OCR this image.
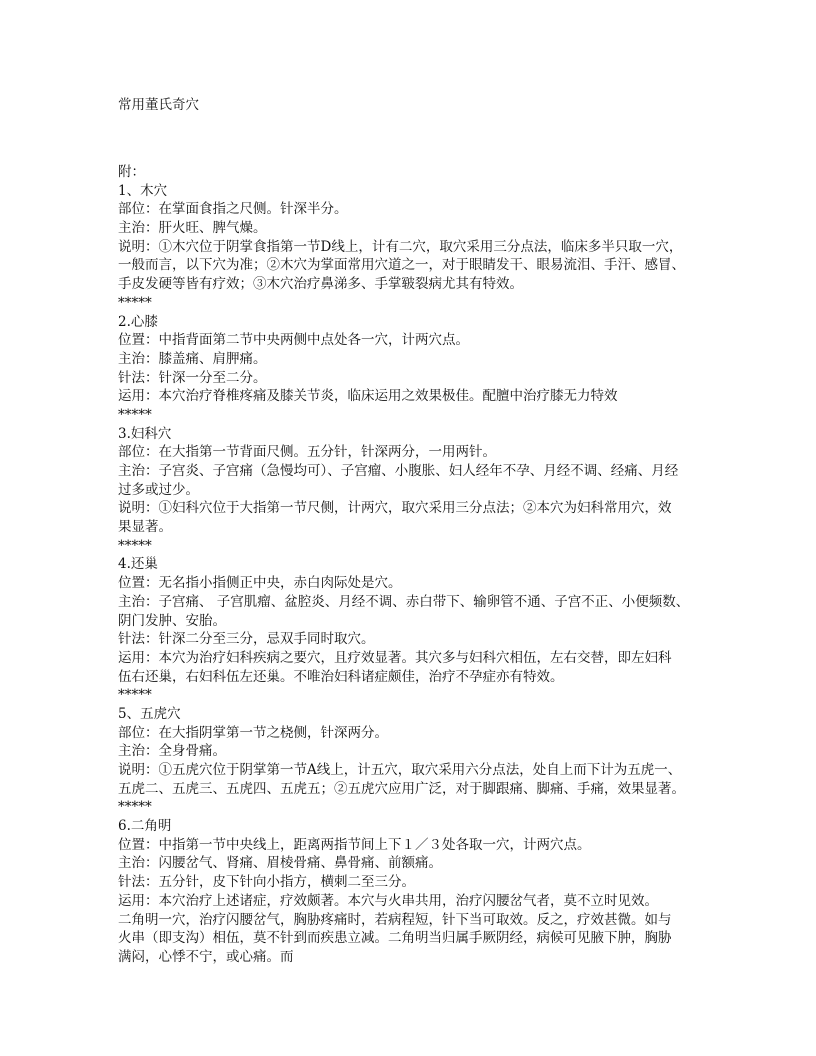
常用董氏奇穴
附：
1、木穴
部位：在掌面食指之尺侧。针深半分。
主治：肝火旺、脾气燥。
说明：①木穴位于阴掌食指第一节D线上，计有二穴，取穴采用三分点法，临床多半只取一穴，
一般而言，以下穴为准；②木穴为掌面常用穴道之一，对于眼睛发干、眼易流泪、手汗、感冒、
手皮发硬等皆有疗效；③木穴治疗鼻涕多、手掌皲裂病尤其有特效。
*****
2.心膝
位置：中指背面第二节中央两侧中点处各一穴，计两穴点。
主治：膝盖痛、肩胛痛。
针法：针深一分至二分。
运用：本穴治疗脊椎疼痛及膝关节炎，临床运用之效果极佳。配膻中治疗膝无力特效
*****
3.妇科穴
部位：在大指第一节背面尺侧。五分针，针深两分，一用两针。
主治：子宫炎、子宫痛（急慢均可）、子宫瘤、小腹胀、妇人经年不孕、月经不调、经痛、月经
过多或过少。
说明：①妇科穴位于大指第一节尺侧，计两穴，取穴采用三分点法；②本穴为妇科常用穴，效
果显著。
*****
4.还巢
位置：无名指小指侧正中央，赤白肉际处是穴。
主治：子宫痛、 子宫肌瘤、盆腔炎、月经不调、赤白带下、输卵管不通、子宫不正、小便频数、
阴门发肿、安胎。
针法：针深二分至三分，忌双手同时取穴。
运用：本穴为治疗妇科疾病之要穴，且疗效显著。其穴多与妇科穴相伍，左右交替，即左妇科
伍右还巢，右妇科伍左还巢。不唯治妇科诸症颇佳，治疗不孕症亦有特效。
*****
5、五虎穴
部位：在大指阴掌第一节之桡侧，针深两分。
主治：全身骨痛。
说明：①五虎穴位于阴掌第一节A线上，计五穴，取穴采用六分点法，处自上而下计为五虎一、
五虎二、五虎三、五虎四、五虎五；②五虎穴应用广泛，对于脚跟痛、脚痛、手痛，效果显著。
*****
6.二角明
位置：中指第一节中央线上，距离两指节间上下１／３处各取一穴，计两穴点。
主治：闪腰岔气、肾痛、眉棱骨痛、鼻骨痛、前额痛。
针法：五分针，皮下针向小指方，横刺二至三分。
运用：本穴治疗上述诸症，疗效颇著。本穴与火串共用，治疗闪腰岔气者，莫不立时见效。
二角明一穴，治疗闪腰岔气，胸胁疼痛时，若病程短，针下当可取效。反之，疗效甚微。如与
火串（即支沟）相伍，莫不针到而疾患立减。二角明当归属手厥阴经，病候可见腋下肿，胸胁
满闷，心悸不宁，或心痛。而
